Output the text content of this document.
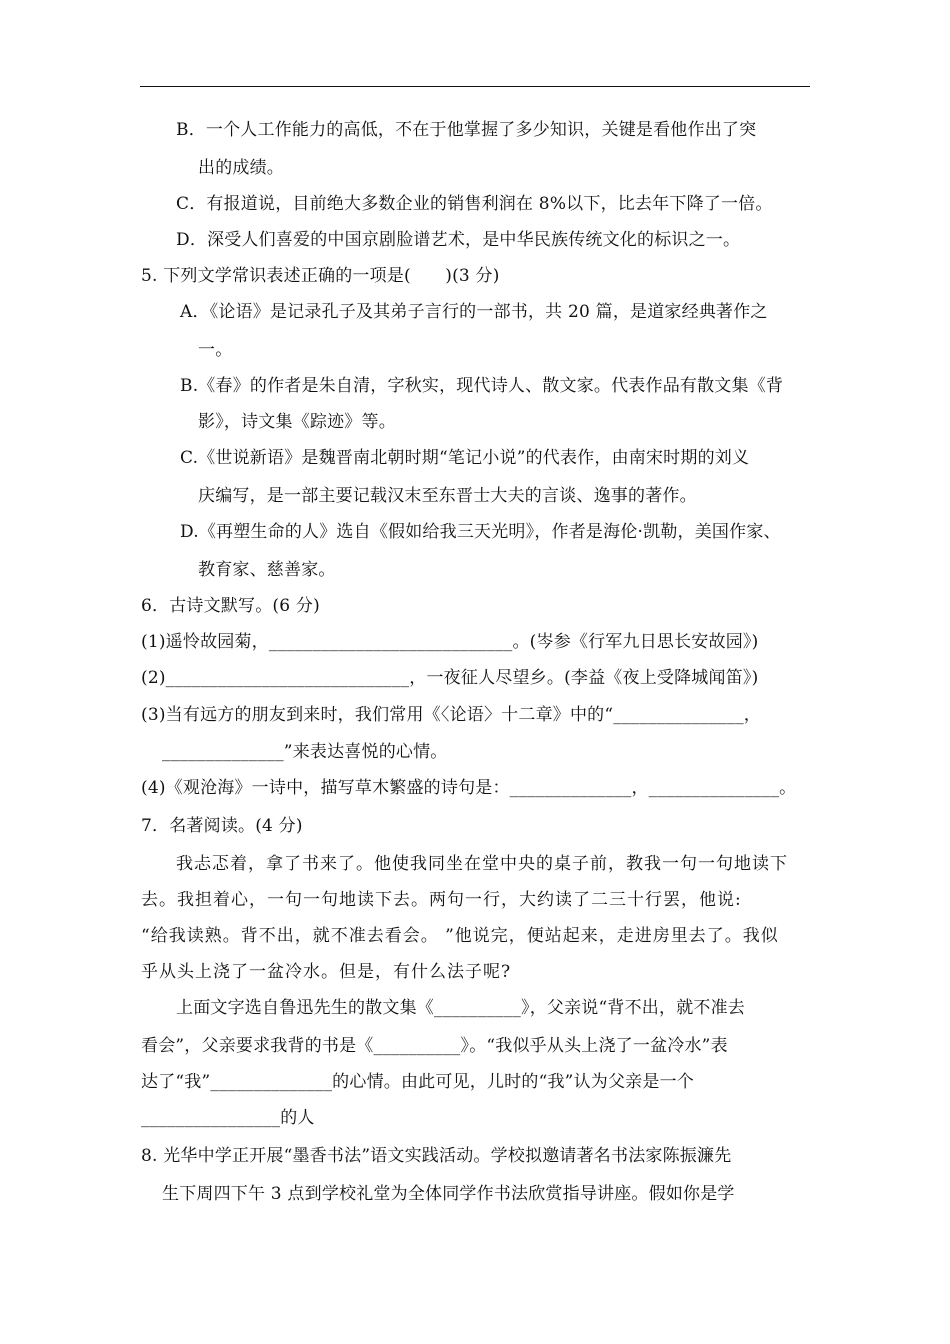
B．一个人工作能力的高低，不在于他掌握了多少知识，关键是看他作出了突
出的成绩。
C．有报道说，目前绝大多数企业的销售利润在 8%以下，比去年下降了一倍。
D．深受人们喜爱的中国京剧脸谱艺术，是中华民族传统文化的标识之一。
5. 下列文学常识表述正确的一项是(　　)(3 分)
A．《论语》是记录孔子及其弟子言行的一部书，共 20 篇，是道家经典著作之
一。
B.《春》的作者是朱自清，字秋实，现代诗人、散文家。代表作品有散文集《背
影》，诗文集《踪迹》等。
C.《世说新语》是魏晋南北朝时期“笔记小说”的代表作，由南宋时期的刘义
庆编写，是一部主要记载汉末至东晋士大夫的言谈、逸事的著作。
D.《再塑生命的人》选自《假如给我三天光明》，作者是海伦·凯勒，美国作家、
教育家、慈善家。
6．古诗文默写。(6 分)
(1)遥怜故园菊，____________________________。(岑参《行军九日思长安故园》)
(2)____________________________，一夜征人尽望乡。(李益《夜上受降城闻笛》)
(3)当有远方的朋友到来时，我们常用《〈论语〉十二章》中的“_______________，
______________”来表达喜悦的心情。
(4)《观沧海》一诗中，描写草木繁盛的诗句是：______________，_______________。
7．名著阅读。(4 分)
我忐忑着，拿了书来了。他使我同坐在堂中央的桌子前，教我一句一句地读下
去。我担着心，一句一句地读下去。两句一行，大约读了二三十行罢，他说:
“给我读熟。背不出，就不准去看会。 ”他说完，便站起来，走进房里去了。我似
乎从头上浇了一盆冷水。但是，有什么法子呢?
上面文字选自鲁迅先生的散文集《__________》，父亲说“背不出，就不准去
看会”，父亲要求我背的书是《__________》。“我似乎从头上浇了一盆冷水”表
达了“我”______________的心情。由此可见，儿时的“我”认为父亲是一个
________________的人
8. 光华中学正开展“墨香书法”语文实践活动。学校拟邀请著名书法家陈振濂先
生下周四下午 3 点到学校礼堂为全体同学作书法欣赏指导讲座。假如你是学
